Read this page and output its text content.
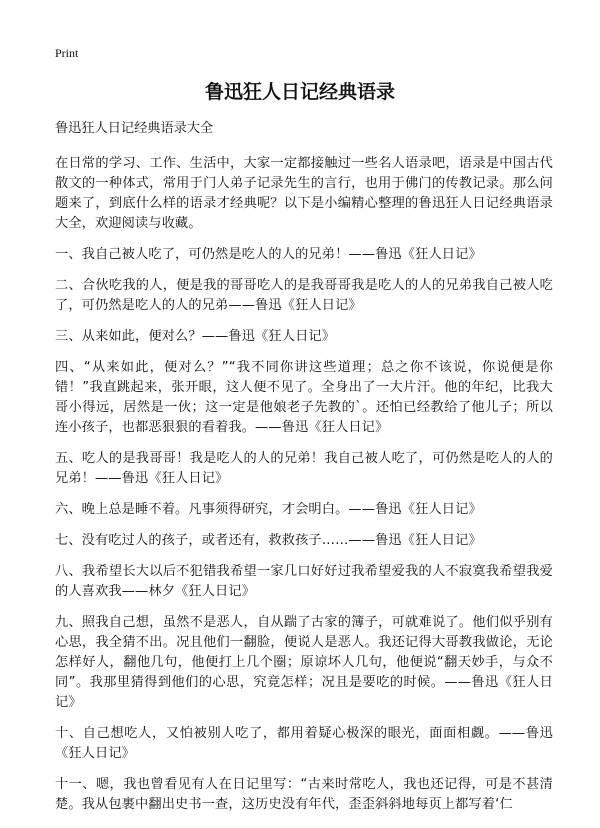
Print
鲁迅狂人日记经典语录
鲁迅狂人日记经典语录大全

在日常的学习、工作、生活中，大家一定都接触过一些名人语录吧，语录是中国古代散文的一种体式，常用于门人弟子记录先生的言行，也用于佛门的传教记录。那么问题来了，到底什么样的语录才经典呢？以下是小编精心整理的鲁迅狂人日记经典语录大全，欢迎阅读与收藏。

一、我自己被人吃了，可仍然是吃人的人的兄弟！——鲁迅《狂人日记》

二、合伙吃我的人，便是我的哥哥吃人的是我哥哥我是吃人的人的兄弟我自己被人吃了，可仍然是吃人的人的兄弟——鲁迅《狂人日记》

三、从来如此，便对么？——鲁迅《狂人日记》

四、“从来如此，便对么？”“我不同你讲这些道理；总之你不该说，你说便是你错！”我直跳起来，张开眼，这人便不见了。全身出了一大片汗。他的年纪，比我大哥小得远，居然是一伙；这一定是他娘老子先教的`。还怕已经教给了他儿子；所以连小孩子，也都恶狠狠的看着我。——鲁迅《狂人日记》

五、吃人的是我哥哥！我是吃人的人的兄弟！我自己被人吃了，可仍然是吃人的人的兄弟！——鲁迅《狂人日记》

六、晚上总是睡不着。凡事须得研究，才会明白。——鲁迅《狂人日记》

七、没有吃过人的孩子，或者还有，救救孩子……——鲁迅《狂人日记》

八、我希望长大以后不犯错我希望一家几口好好过我希望爱我的人不寂寞我希望我爱的人喜欢我——林夕《狂人日记》

九、照我自己想，虽然不是恶人，自从踹了古家的簿子，可就难说了。他们似乎别有心思，我全猜不出。况且他们一翻脸，便说人是恶人。我还记得大哥教我做论，无论怎样好人，翻他几句，他便打上几个圈；原谅坏人几句，他便说“翻天妙手，与众不同”。我那里猜得到他们的心思，究竟怎样；况且是要吃的时候。——鲁迅《狂人日记》

十、自己想吃人，又怕被别人吃了，都用着疑心极深的眼光，面面相觑。——鲁迅《狂人日记》

十一、嗯，我也曾看见有人在日记里写：“古来时常吃人，我也还记得，可是不甚清楚。我从包裹中翻出史书一查，这历史没有年代，歪歪斜斜地每页上都写着‘仁
